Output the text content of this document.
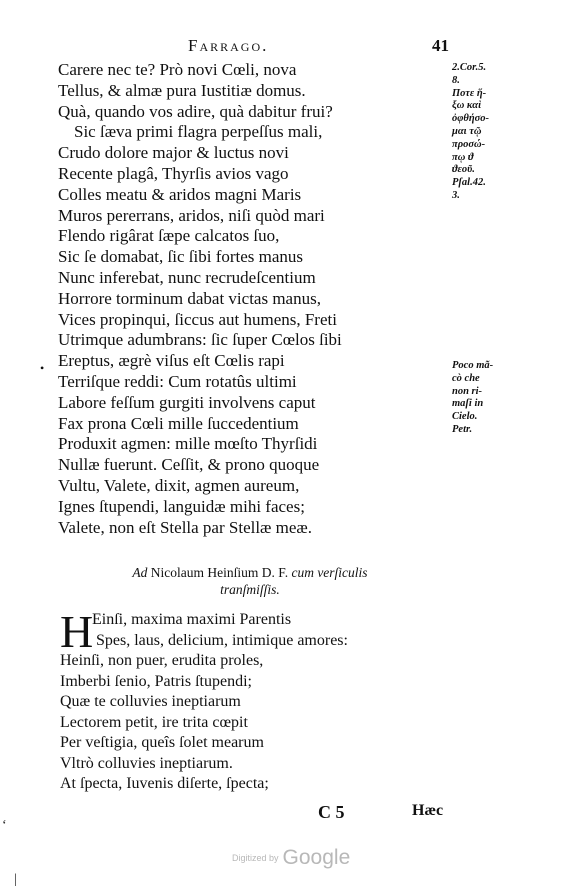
Farrago.	41
Carere nec te? Prò novi Cœli, nova
Tellus, & almæ pura Iustitiæ domus.
Quà, quando vos adire, quà dabitur frui?
Sic ſæva primi flagra perpeſſus mali,
Crudo dolore major & luctus novi
Recente plagâ, Thyrſis avios vago
Colles meatu & aridos magni Maris
Muros pererrans, aridos, niſi quòd mari
Flendo rigârat ſæpe calcatos ſuo,
Sic ſe domabat, ſic ſibi fortes manus
Nunc inferebat, nunc recrudeſcentium
Horrore torminum dabat victas manus,
Vices propinqui, ſiccus aut humens, Freti
Utrimque adumbrans: ſic ſuper Cœlos ſibi
Ereptus, ægrè viſus eſt Cœlis rapi
Terriſque reddi: Cum rotatûs ultimi
Labore feſſum gurgiti involvens caput
Fax prona Cœli mille ſuccedentium
Produxit agmen: mille mœſto Thyrſidi
Nullæ fuerunt. Ceſſit, & prono quoque
Vultu, Valete, dixit, agmen aureum,
Ignes ſtupendi, languidæ mihi faces;
Valete, non eſt Stella par Stellæ meæ.
•
2.Cor.5.
8.
Ποτε ἥ-
ξω καὶ
ὀφθήσο-
μαι τῷ
προσώ-
πῳ ϑ
ϑεοῦ.
Pſal.42.
3.
Poco mã-
cò che
non ri-
maſi in
Cielo.
Petr.
Ad Nicolaum Heinſium D. F. cum verſiculis
tranſmiſſis.
H
Einſi, maxima maximi Parentis
Spes, laus, delicium, intimique amores:
Heinſi, non puer, erudita proles,
Imberbi ſenio, Patris ſtupendi;
Quæ te colluvies ineptiarum
Lectorem petit, ire trita cœpit
Per veſtigia, queîs ſolet mearum
Vltrò colluvies ineptiarum.
At ſpecta, Iuvenis diſerte, ſpecta;
C 5	Hæc
Digitized by Google
ʻ
|
